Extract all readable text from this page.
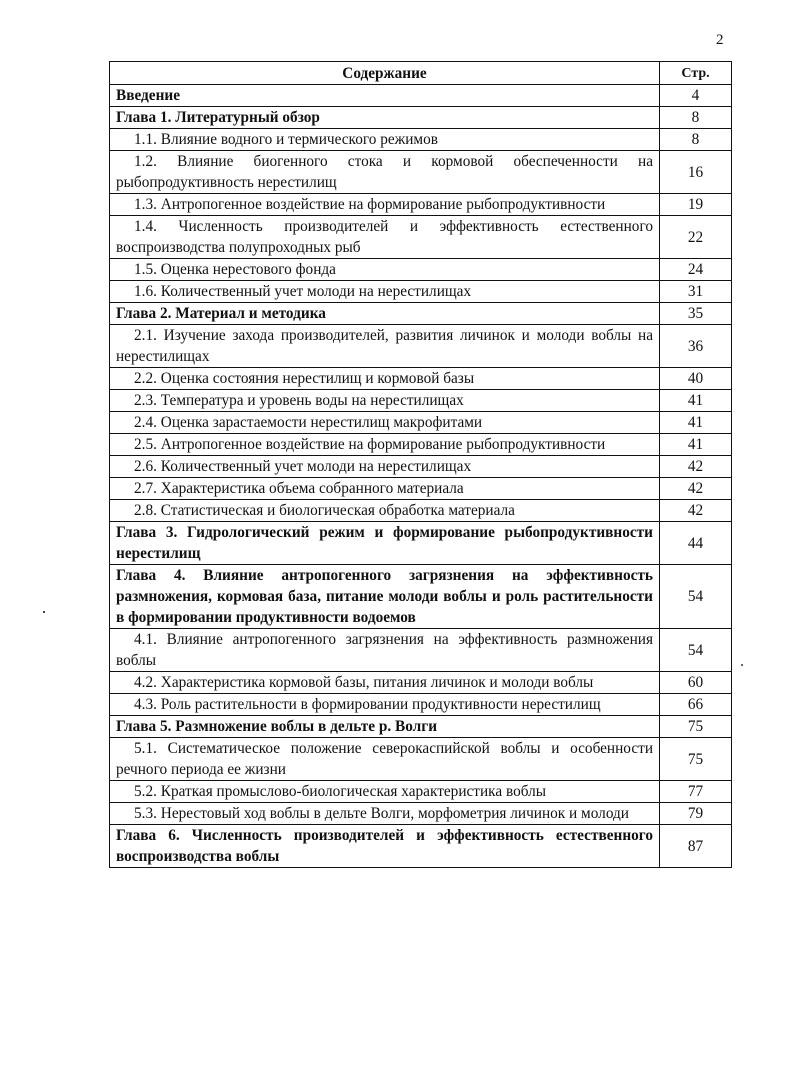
2
Содержание	Стр.
Введение	4
Глава 1. Литературный обзор	8
1.1. Влияние водного и термического режимов	8
1.2. Влияние биогенного стока и кормовой обеспеченности на рыбопродуктивность нерестилищ	16
1.3. Антропогенное воздействие на формирование рыбопродуктивности	19
1.4. Численность производителей и эффективность естественного воспроизводства полупроходных рыб	22
1.5. Оценка нерестового фонда	24
1.6. Количественный учет молоди на нерестилищах	31
Глава 2. Материал и методика	35
2.1. Изучение захода производителей, развития личинок и молоди воблы на нерестилищах	36
2.2. Оценка состояния нерестилищ и кормовой базы	40
2.3. Температура и уровень воды на нерестилищах	41
2.4. Оценка зарастаемости нерестилищ макрофитами	41
2.5. Антропогенное воздействие на формирование рыбопродуктивности	41
2.6. Количественный учет молоди на нерестилищах	42
2.7. Характеристика объема собранного материала	42
2.8. Статистическая и биологическая обработка материала	42
Глава 3. Гидрологический режим и формирование рыбопродуктивности нерестилищ	44
Глава 4. Влияние антропогенного загрязнения на эффективность размножения, кормовая база, питание молоди воблы и роль растительности в формировании продуктивности водоемов	54
4.1. Влияние антропогенного загрязнения на эффективность размножения воблы	54
4.2. Характеристика кормовой базы, питания личинок и молоди воблы	60
4.3. Роль растительности в формировании продуктивности нерестилищ	66
Глава 5. Размножение воблы в дельте р. Волги	75
5.1. Систематическое положение северокаспийской воблы и особенности речного периода ее жизни	75
5.2. Краткая промыслово-биологическая характеристика воблы	77
5.3. Нерестовый ход воблы в дельте Волги, морфометрия личинок и молоди	79
Глава 6. Численность производителей и эффективность естественного воспроизводства воблы	87
